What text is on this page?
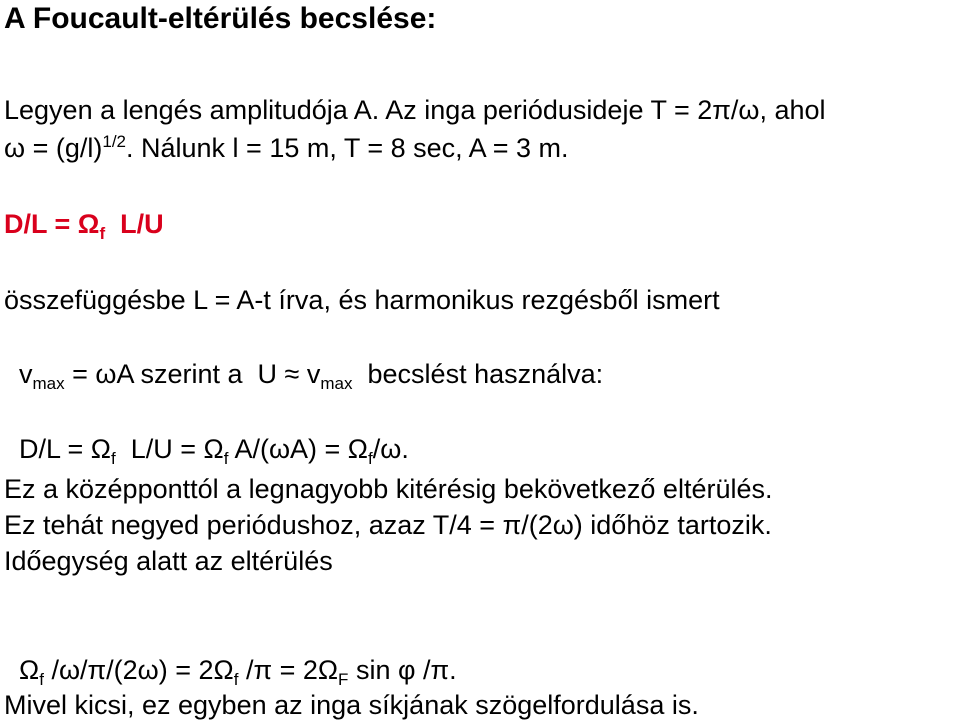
A Foucault-eltérülés becslése:
Legyen a lengés amplitudója A. Az inga periódusideje T = 2π/ω, ahol
$\omega = (g/l)^{1/2}$. Nálunk l = 15 m, T = 8 sec, A = 3 m.
$D/L = \Omega_f$  L/U
összefüggésbe L = A-t írva, és harmonikus rezgésből ismert

$v_{max} = \omega A$ szerint a  $U \approx v_{max}$  becslést használva:

$D/L = \Omega_f$  $L/U = \Omega_f$ $A/(\omega A) = \Omega_f/\omega$.

Ez a középponttól a legnagyobb kitérésig bekövetkező eltérülés.
Ez tehát negyed periódushoz, azaz T/4 = π/(2ω) időhöz tartozik.
Időegység alatt az eltérülés

$\Omega_f$ $/\omega/\pi/(2\omega) = 2\Omega_f$ $/\pi = 2\Omega_F$ sin φ /π.

Mivel kicsi, ez egyben az inga síkjának szögelfordulása is.
